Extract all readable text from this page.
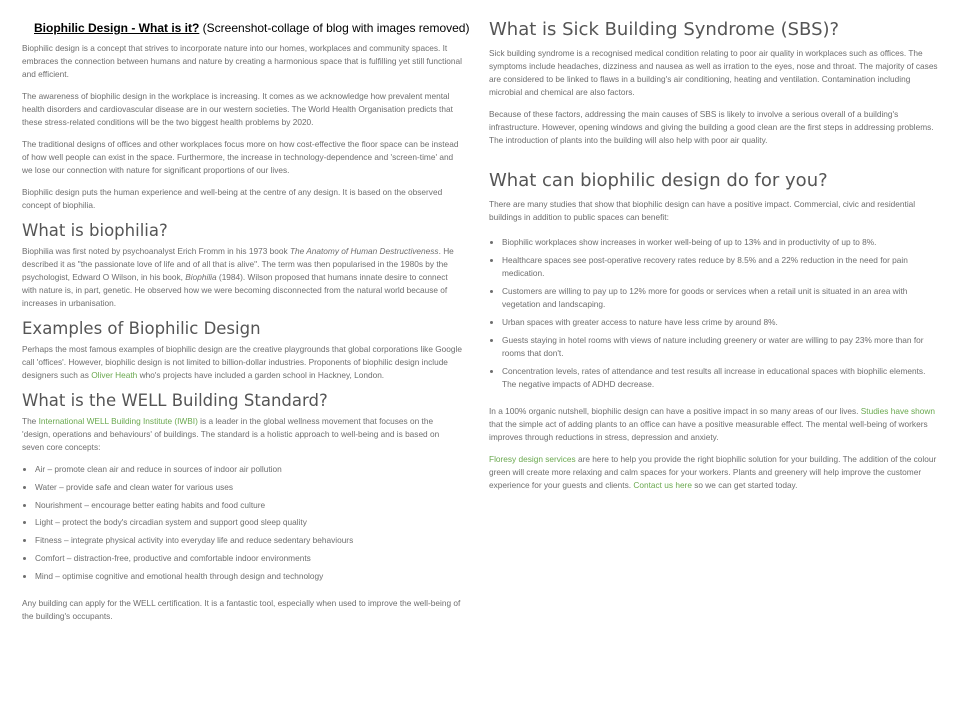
Biophilic Design - What is it? (Screenshot-collage of blog with images removed)

Biophilic design is a concept that strives to incorporate nature into our homes, workplaces and community spaces. It embraces the connection between humans and nature by creating a harmonious space that is fulfilling yet still functional and efficient.

The awareness of biophilic design in the workplace is increasing. It comes as we acknowledge how prevalent mental health disorders and cardiovascular disease are in our western societies. The World Health Organisation predicts that these stress-related conditions will be the two biggest health problems by 2020.

The traditional designs of offices and other workplaces focus more on how cost-effective the floor space can be instead of how well people can exist in the space. Furthermore, the increase in technology-dependence and 'screen-time' and we lose our connection with nature for significant proportions of our lives.

Biophilic design puts the human experience and well-being at the centre of any design. It is based on the observed concept of biophilia.

What is biophilia?

Biophilia was first noted by psychoanalyst Erich Fromm in his 1973 book The Anatomy of Human Destructiveness. He described it as "the passionate love of life and of all that is alive". The term was then popularised in the 1980s by the psychologist, Edward O Wilson, in his book, Biophilia (1984). Wilson proposed that humans innate desire to connect with nature is, in part, genetic. He observed how we were becoming disconnected from the natural world because of increases in urbanisation.

Examples of Biophilic Design

Perhaps the most famous examples of biophilic design are the creative playgrounds that global corporations like Google call 'offices'. However, biophilic design is not limited to billion-dollar industries. Proponents of biophilic design include designers such as Oliver Heath who's projects have included a garden school in Hackney, London.

What is the WELL Building Standard?

The International WELL Building Institute (IWBI) is a leader in the global wellness movement that focuses on the 'design, operations and behaviours' of buildings. The standard is a holistic approach to well-being and is based on seven core concepts:

• Air – promote clean air and reduce in sources of indoor air pollution
• Water – provide safe and clean water for various uses
• Nourishment – encourage better eating habits and food culture
• Light – protect the body's circadian system and support good sleep quality
• Fitness – integrate physical activity into everyday life and reduce sedentary behaviours
• Comfort – distraction-free, productive and comfortable indoor environments
• Mind – optimise cognitive and emotional health through design and technology

Any building can apply for the WELL certification. It is a fantastic tool, especially when used to improve the well-being of the building's occupants.

What is Sick Building Syndrome (SBS)?

Sick building syndrome is a recognised medical condition relating to poor air quality in workplaces such as offices. The symptoms include headaches, dizziness and nausea as well as irration to the eyes, nose and throat. The majority of cases are considered to be linked to flaws in a building's air conditioning, heating and ventilation. Contamination including microbial and chemical are also factors.

Because of these factors, addressing the main causes of SBS is likely to involve a serious overall of a building's infrastructure. However, opening windows and giving the building a good clean are the first steps in addressing problems. The introduction of plants into the building will also help with poor air quality.

What can biophilic design do for you?

There are many studies that show that biophilic design can have a positive impact. Commercial, civic and residential buildings in addition to public spaces can benefit:

• Biophilic workplaces show increases in worker well-being of up to 13% and in productivity of up to 8%.
• Healthcare spaces see post-operative recovery rates reduce by 8.5% and a 22% reduction in the need for pain medication.
• Customers are willing to pay up to 12% more for goods or services when a retail unit is situated in an area with vegetation and landscaping.
• Urban spaces with greater access to nature have less crime by around 8%.
• Guests staying in hotel rooms with views of nature including greenery or water are willing to pay 23% more than for rooms that don't.
• Concentration levels, rates of attendance and test results all increase in educational spaces with biophilic elements. The negative impacts of ADHD decrease.

In a 100% organic nutshell, biophilic design can have a positive impact in so many areas of our lives. Studies have shown that the simple act of adding plants to an office can have a positive measurable effect. The mental well-being of workers improves through reductions in stress, depression and anxiety.

Floresy design services are here to help you provide the right biophilic solution for your building. The addition of the colour green will create more relaxing and calm spaces for your workers. Plants and greenery will help improve the customer experience for your guests and clients. Contact us here so we can get started today.
